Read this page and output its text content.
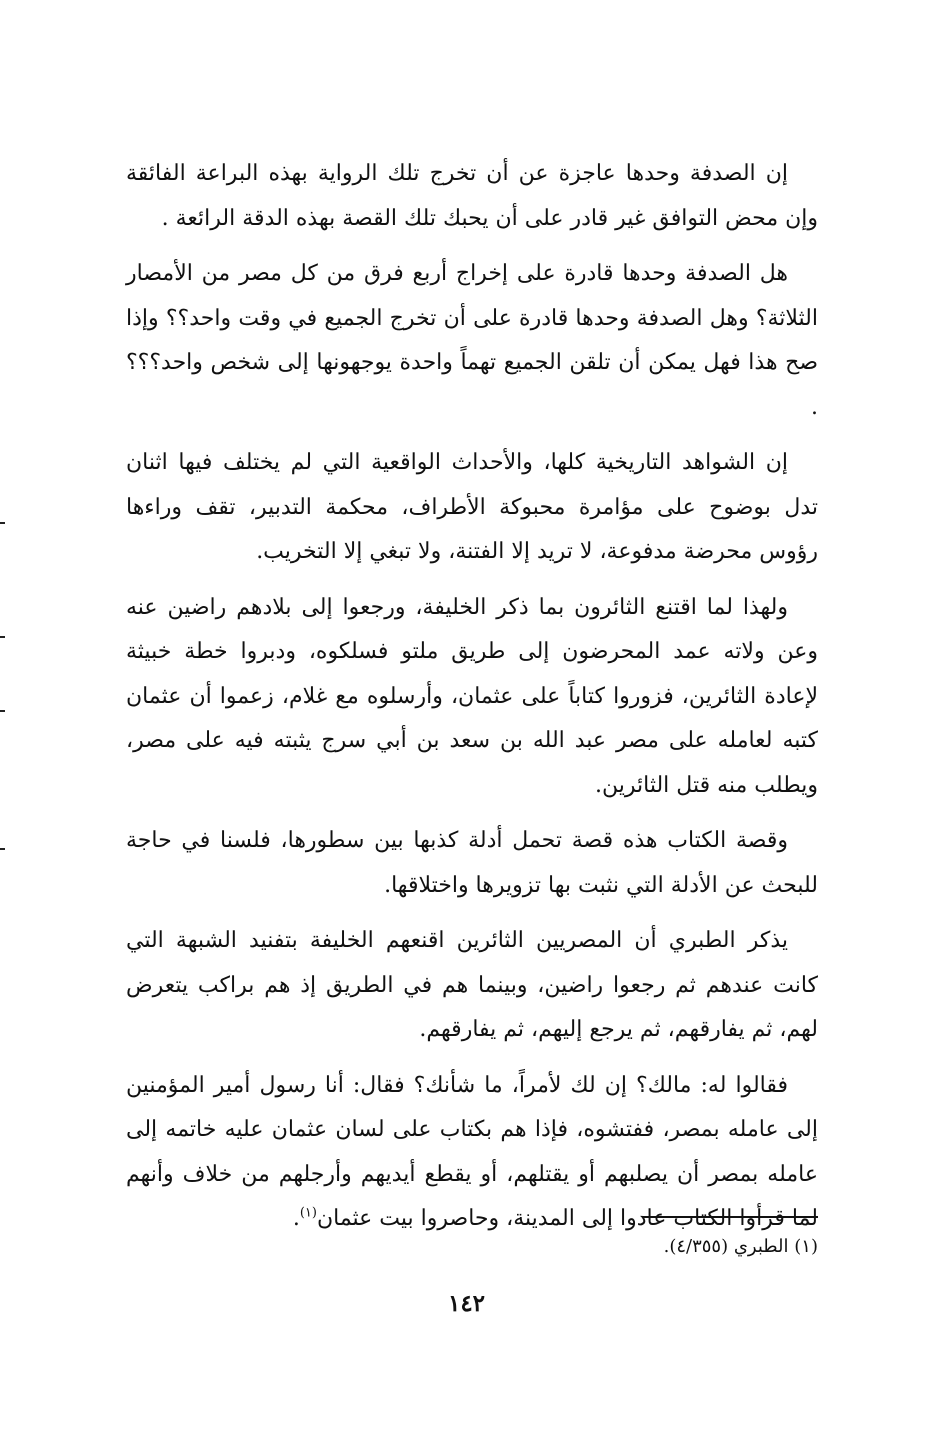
إن الصدفة وحدها عاجزة عن أن تخرج تلك الرواية بهذه البراعة الفائقة وإن محض التوافق غير قادر على أن يحبك تلك القصة بهذه الدقة الرائعة .

هل الصدفة وحدها قادرة على إخراج أربع فرق من كل مصر من الأمصار الثلاثة؟ وهل الصدفة وحدها قادرة على أن تخرج الجميع في وقت واحد؟؟ وإذا صح هذا فهل يمكن أن تلقن الجميع تهماً واحدة يوجهونها إلى شخص واحد؟؟؟ .

إن الشواهد التاريخية كلها، والأحداث الواقعية التي لم يختلف فيها اثنان تدل بوضوح على مؤامرة محبوكة الأطراف، محكمة التدبير، تقف وراءها رؤوس محرضة مدفوعة، لا تريد إلا الفتنة، ولا تبغي إلا التخريب.

ولهذا لما اقتنع الثائرون بما ذكر الخليفة، ورجعوا إلى بلادهم راضين عنه وعن ولاته عمد المحرضون إلى طريق ملتو فسلكوه، ودبروا خطة خبيثة لإعادة الثائرين، فزوروا كتاباً على عثمان، وأرسلوه مع غلام، زعموا أن عثمان كتبه لعامله على مصر عبد الله بن سعد بن أبي سرج يثبته فيه على مصر، ويطلب منه قتل الثائرين.

وقصة الكتاب هذه قصة تحمل أدلة كذبها بين سطورها، فلسنا في حاجة للبحث عن الأدلة التي نثبت بها تزويرها واختلاقها.

يذكر الطبري أن المصريين الثائرين اقنعهم الخليفة بتفنيد الشبهة التي كانت عندهم ثم رجعوا راضين، وبينما هم في الطريق إذ هم براكب يتعرض لهم، ثم يفارقهم، ثم يرجع إليهم، ثم يفارقهم.

فقالوا له: مالك؟ إن لك لأمراً، ما شأنك؟ فقال: أنا رسول أمير المؤمنين إلى عامله بمصر، ففتشوه، فإذا هم بكتاب على لسان عثمان عليه خاتمه إلى عامله بمصر أن يصلبهم أو يقتلهم، أو يقطع أيديهم وأرجلهم من خلاف وأنهم لما قرأوا الكتاب عادوا إلى المدينة، وحاصروا بيت عثمان$^{(١)}$.

(١) الطبري (٤/٣٥٥).
١٤٢
